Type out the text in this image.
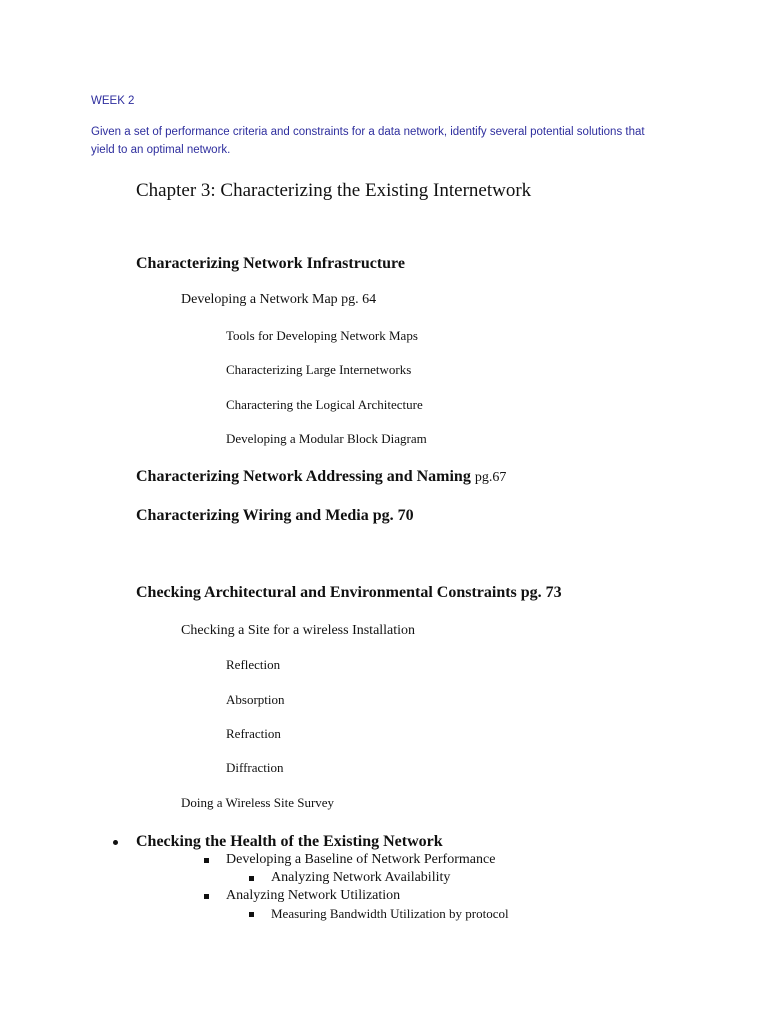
WEEK 2
Given a set of performance criteria and constraints for a data network, identify several potential solutions that
yield to an optimal network.
Chapter 3: Characterizing the Existing Internetwork
Characterizing Network Infrastructure
Developing a Network Map pg. 64
Tools for Developing Network Maps
Characterizing Large Internetworks
Charactering the Logical Architecture
Developing a Modular Block Diagram
Characterizing Network Addressing and Naming pg.67
Characterizing Wiring and Media pg. 70
Checking Architectural and Environmental Constraints pg. 73
Checking a Site for a wireless Installation
Reflection
Absorption
Refraction
Diffraction
Doing a Wireless Site Survey
Checking the Health of the Existing Network
Developing a Baseline of Network Performance
Analyzing Network Availability
Analyzing Network Utilization
Measuring Bandwidth Utilization by protocol
